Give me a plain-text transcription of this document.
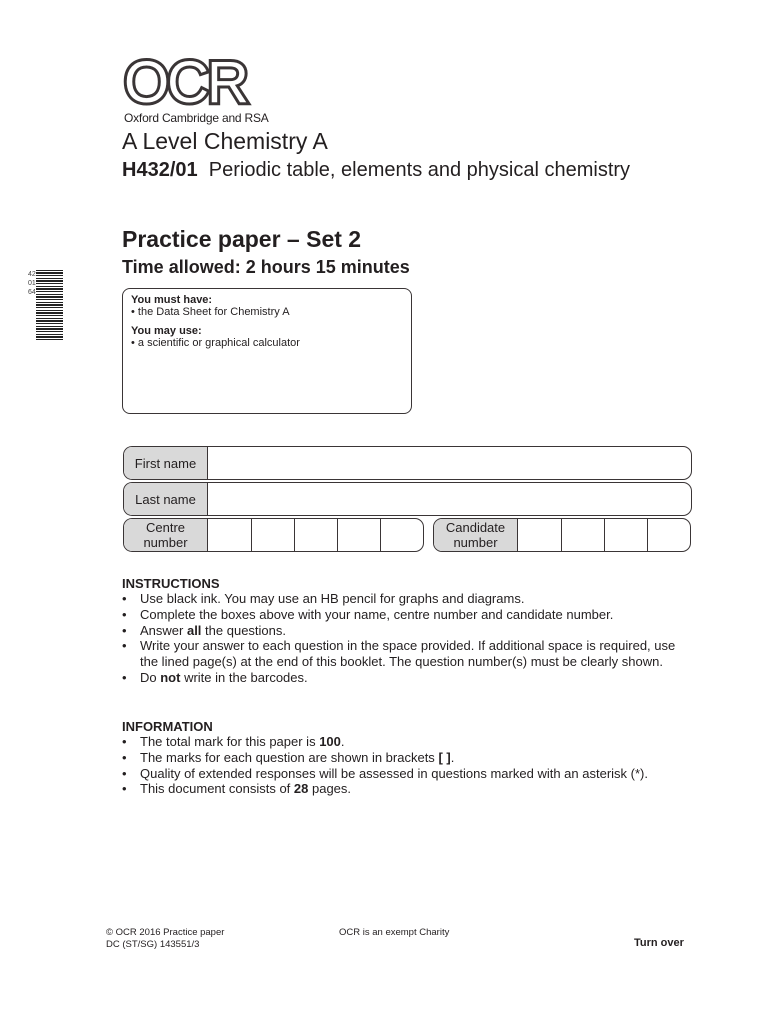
OCR
Oxford Cambridge and RSA
A Level Chemistry A
H432/01 Periodic table, elements and physical chemistry
Practice paper – Set 2
Time allowed: 2 hours 15 minutes
420164
You must have:
• the Data Sheet for Chemistry A
You may use:
• a scientific or graphical calculator
First name
Last name
Centre
number
Candidate
number
INSTRUCTIONS
• Use black ink. You may use an HB pencil for graphs and diagrams.
• Complete the boxes above with your name, centre number and candidate number.
• Answer all the questions.
• Write your answer to each question in the space provided. If additional space is required, use the lined page(s) at the end of this booklet. The question number(s) must be clearly shown.
• Do not write in the barcodes.
INFORMATION
• The total mark for this paper is 100.
• The marks for each question are shown in brackets [ ].
• Quality of extended responses will be assessed in questions marked with an asterisk (*).
• This document consists of 28 pages.
© OCR 2016 Practice paper
DC (ST/SG) 143551/3
OCR is an exempt Charity
Turn over
